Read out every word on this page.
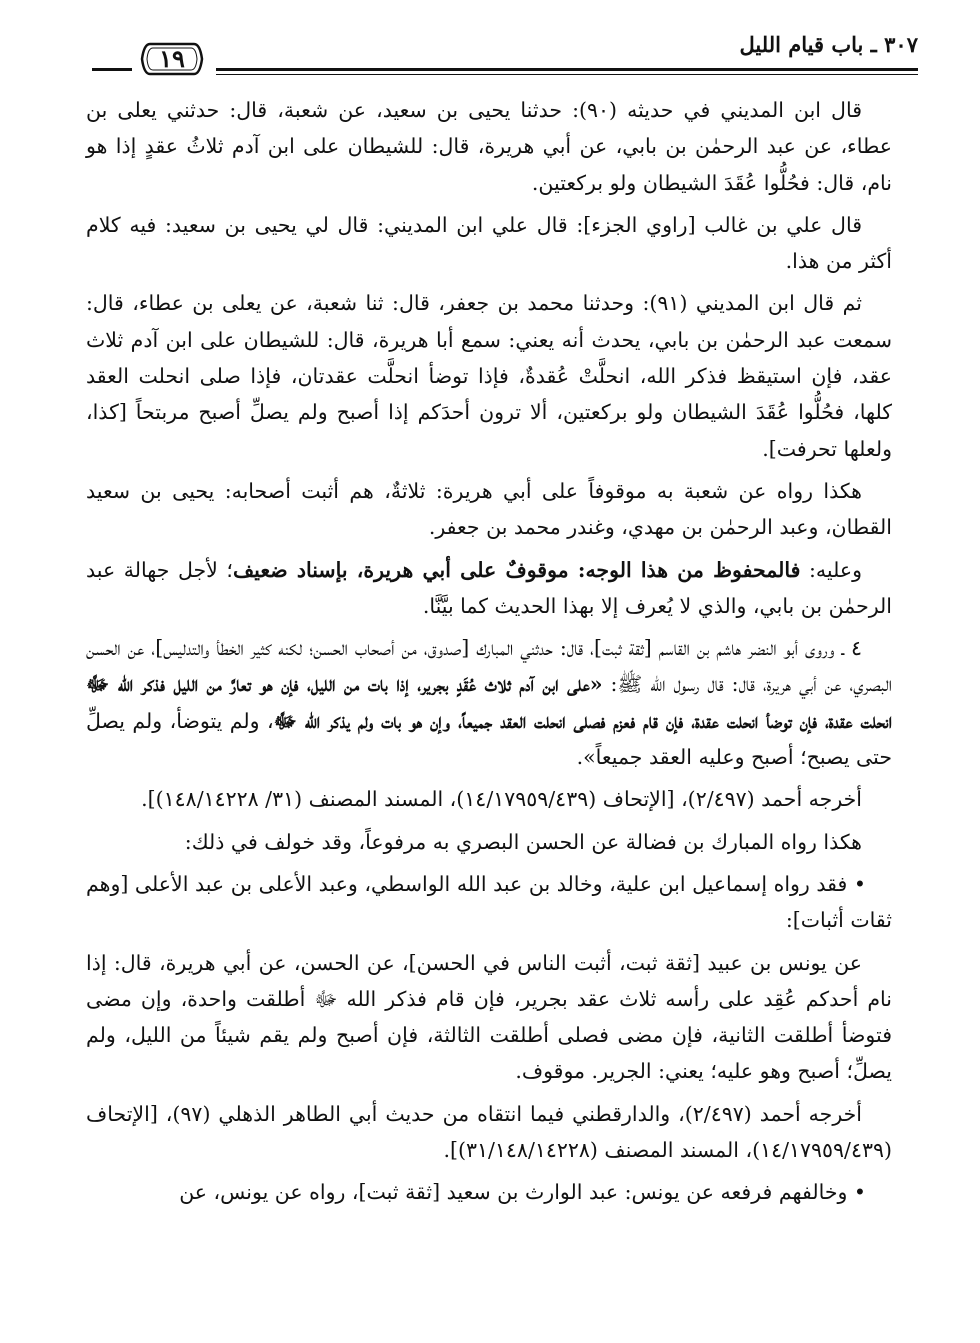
٣٠٧ ـ باب قيام الليل
١٩

قال ابن المديني في حديثه (٩٠): حدثنا يحيى بن سعيد، عن شعبة، قال: حدثني يعلى بن عطاء، عن عبد الرحمٰن بن بابي، عن أبي هريرة، قال: للشيطان على ابن آدم ثلاثُ عقدٍ إذا هو نام، قال: فحُلُّوا عُقَدَ الشيطان ولو بركعتين.

قال علي بن غالب [راوي الجزء]: قال علي ابن المديني: قال لي يحيى بن سعيد: فيه كلام أكثر من هذا.

ثم قال ابن المديني (٩١): وحدثنا محمد بن جعفر، قال: ثنا شعبة، عن يعلى بن عطاء، قال: سمعت عبد الرحمٰن بن بابي، يحدث أنه يعني: سمع أبا هريرة، قال: للشيطان على ابن آدم ثلاث عقد، فإن استيقظ فذكر الله، انحلَّتْ عُقدةٌ، فإذا توضأ انحلَّت عقدتان، فإذا صلى انحلت العقد كلها، فحُلُّوا عُقَدَ الشيطان ولو بركعتين، ألا ترون أحدَكم إذا أصبح ولم يصلِّ أصبح مربتحاً [كذا، ولعلها تحرفت].

هكذا رواه عن شعبة به موقوفاً على أبي هريرة: ثلاثةٌ، هم أثبت أصحابه: يحيى بن سعيد القطان، وعبد الرحمٰن بن مهدي، وغندر محمد بن جعفر.

وعليه: فالمحفوظ من هذا الوجه: موقوفٌ على أبي هريرة، بإسناد ضعيف؛ لأجل جهالة عبد الرحمٰن بن بابي، والذي لا يُعرف إلا بهذا الحديث كما بيَّنَّا.

٤ ـ وروى أبو النضر هاشم بن القاسم [ثقة ثبت]، قال: حدثني المبارك [صدوق، من أصحاب الحسن؛ لكنه كثير الخطأ والتدليس]، عن الحسن البصري، عن أبي هريرة، قال: قال رسول الله ﷺ: «على ابن آدم ثلاث عُقَدٍ بجرير، إذا بات من الليل، فإن هو تعارَّ من الليل فذكر الله ﷻ انحلت عقدة، فإن توضأ انحلت عقدة، فإن قام فعزم فصلى انحلت العقد جميعاً، وإن هو بات ولم يذكر الله ﷻ، ولم يتوضأ، ولم يصلِّ حتى يصبح؛ أصبح وعليه العقد جميعاً».

أخرجه أحمد (٢/٤٩٧)، [الإتحاف (١٤/١٧٩٥٩/٤٣٩)، المسند المصنف (٣١/ ١٤٨/١٤٢٢٨)].

هكذا رواه المبارك بن فضالة عن الحسن البصري به مرفوعاً، وقد خولف في ذلك:

• فقد رواه إسماعيل ابن علية، وخالد بن عبد الله الواسطي، وعبد الأعلى بن عبد الأعلى [وهم ثقات أثبات]:

عن يونس بن عبيد [ثقة ثبت، أثبت الناس في الحسن]، عن الحسن، عن أبي هريرة، قال: إذا نام أحدكم عُقِد على رأسه ثلاث عقد بجرير، فإن قام فذكر الله ﷻ أطلقت واحدة، وإن مضى فتوضأ أطلقت الثانية، فإن مضى فصلى أطلقت الثالثة، فإن أصبح ولم يقم شيئاً من الليل، ولم يصلِّ؛ أصبح وهو عليه؛ يعني: الجرير. موقوف.

أخرجه أحمد (٢/٤٩٧)، والدارقطني فيما انتقاه من حديث أبي الطاهر الذهلي (٩٧)، [الإتحاف (١٤/١٧٩٥٩/٤٣٩)، المسند المصنف (٣١/١٤٨/١٤٢٢٨)].

• وخالفهم فرفعه عن يونس: عبد الوارث بن سعيد [ثقة ثبت]، رواه عن يونس، عن
